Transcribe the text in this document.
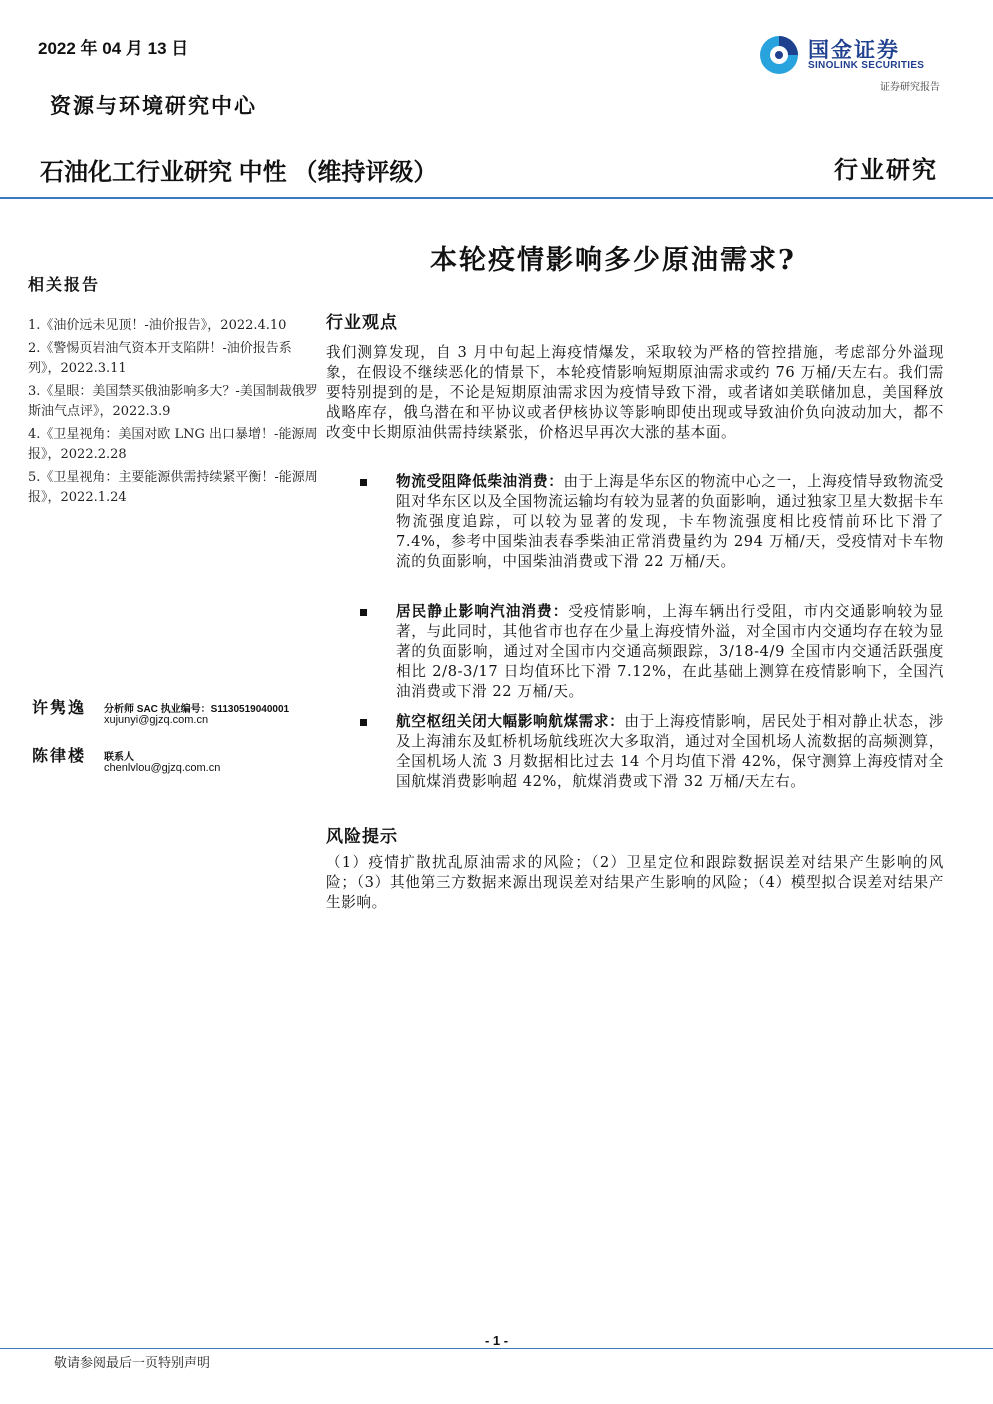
2022 年 04 月 13 日
资源与环境研究中心
石油化工行业研究 中性 （维持评级）	行业研究
国金证券
SINOLINK SECURITIES
证券研究报告
本轮疫情影响多少原油需求?
相关报告
1.《油价远未见顶！-油价报告》，2022.4.10
2.《警惕页岩油气资本开支陷阱！-油价报告系列》，2022.3.11
3.《星眼：美国禁买俄油影响多大？-美国制裁俄罗斯油气点评》，2022.3.9
4.《卫星视角：美国对欧 LNG 出口暴增！-能源周报》，2022.2.28
5.《卫星视角：主要能源供需持续紧平衡！-能源周报》，2022.1.24
许隽逸 分析师 SAC 执业编号：S1130519040001
xujunyi@gjzq.com.cn
陈律楼 联系人
chenlvlou@gjzq.com.cn
行业观点
我们测算发现，自 3 月中旬起上海疫情爆发，采取较为严格的管控措施，考虑部分外溢现象，在假设不继续恶化的情景下，本轮疫情影响短期原油需求或约 76 万桶/天左右。我们需要特别提到的是，不论是短期原油需求因为疫情导致下滑，或者诸如美联储加息，美国释放战略库存，俄乌潜在和平协议或者伊核协议等影响即使出现或导致油价负向波动加大，都不改变中长期原油供需持续紧张，价格迟早再次大涨的基本面。
物流受阻降低柴油消费：由于上海是华东区的物流中心之一，上海疫情导致物流受阻对华东区以及全国物流运输均有较为显著的负面影响，通过独家卫星大数据卡车物流强度追踪，可以较为显著的发现，卡车物流强度相比疫情前环比下滑了 7.4%，参考中国柴油表春季柴油正常消费量约为 294 万桶/天，受疫情对卡车物流的负面影响，中国柴油消费或下滑 22 万桶/天。
居民静止影响汽油消费：受疫情影响，上海车辆出行受阻，市内交通影响较为显著，与此同时，其他省市也存在少量上海疫情外溢，对全国市内交通均存在较为显著的负面影响，通过对全国市内交通高频跟踪，3/18-4/9 全国市内交通活跃强度相比 2/8-3/17 日均值环比下滑 7.12%，在此基础上测算在疫情影响下，全国汽油消费或下滑 22 万桶/天。
航空枢纽关闭大幅影响航煤需求：由于上海疫情影响，居民处于相对静止状态，涉及上海浦东及虹桥机场航线班次大多取消，通过对全国机场人流数据的高频测算，全国机场人流 3 月数据相比过去 14 个月均值下滑 42%，保守测算上海疫情对全国航煤消费影响超 42%，航煤消费或下滑 32 万桶/天左右。
风险提示
（1）疫情扩散扰乱原油需求的风险；（2）卫星定位和跟踪数据误差对结果产生影响的风险；（3）其他第三方数据来源出现误差对结果产生影响的风险；（4）模型拟合误差对结果产生影响。
- 1 -
敬请参阅最后一页特别声明
